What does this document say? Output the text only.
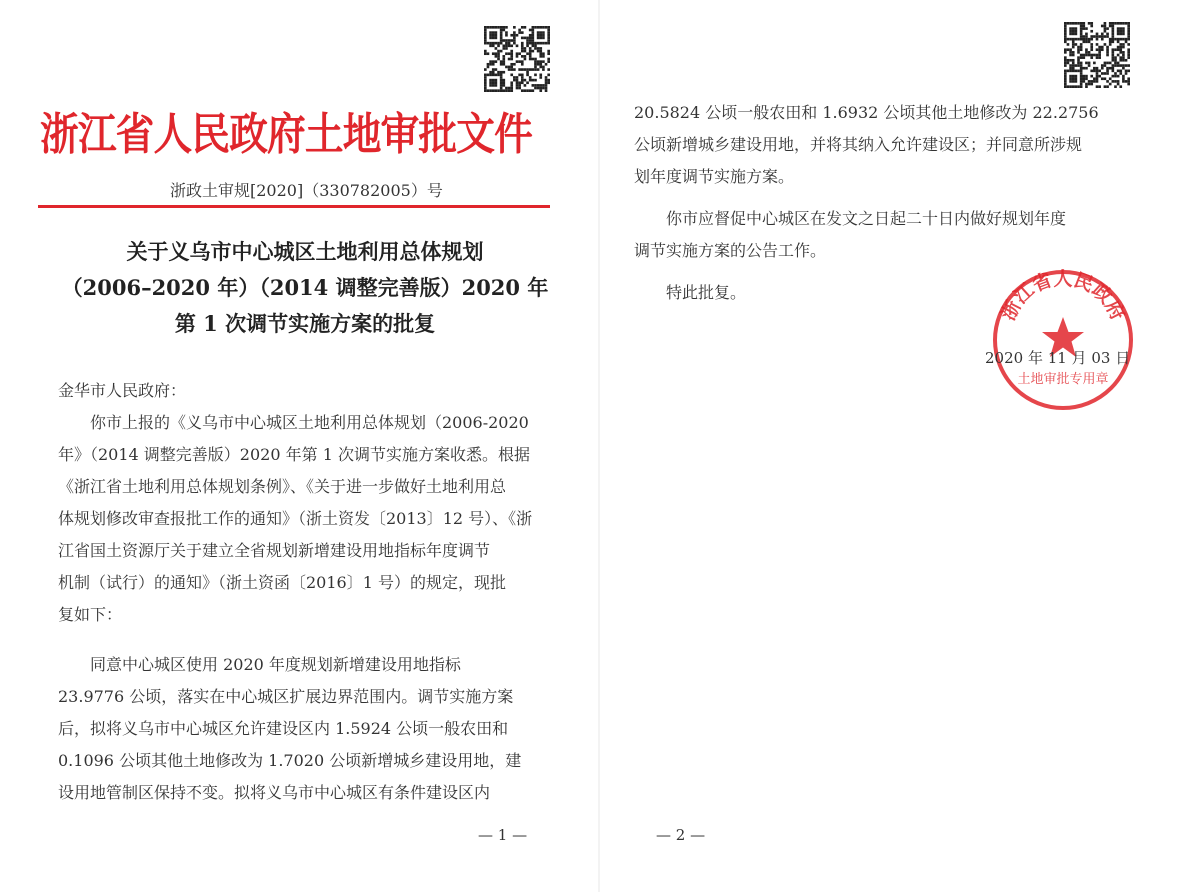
浙江省人民政府土地审批文件
浙政土审规[2020]（330782005）号
关于义乌市中心城区土地利用总体规划
（2006–2020 年）（2014 调整完善版）2020 年
第 1 次调节实施方案的批复
金华市人民政府：
你市上报的《义乌市中心城区土地利用总体规划（2006-2020
年》（2014 调整完善版）2020 年第 1 次调节实施方案收悉。根据
《浙江省土地利用总体规划条例》、《关于进一步做好土地利用总
体规划修改审查报批工作的通知》（浙土资发〔2013〕12 号）、《浙
江省国土资源厅关于建立全省规划新增建设用地指标年度调节
机制（试行）的通知》（浙土资函〔2016〕1 号）的规定，现批
复如下：
同意中心城区使用 2020 年度规划新增建设用地指标
23.9776 公顷，落实在中心城区扩展边界范围内。调节实施方案
后，拟将义乌市中心城区允许建设区内 1.5924 公顷一般农田和
0.1096 公顷其他土地修改为 1.7020 公顷新增城乡建设用地，建
设用地管制区保持不变。拟将义乌市中心城区有条件建设区内
— 1 —
20.5824 公顷一般农田和 1.6932 公顷其他土地修改为 22.2756
公顷新增城乡建设用地，并将其纳入允许建设区；并同意所涉规
划年度调节实施方案。
你市应督促中心城区在发文之日起二十日内做好规划年度
调节实施方案的公告工作。
特此批复。
浙江省人民政府
土地审批专用章
2020 年 11 月 03 日
— 2 —
